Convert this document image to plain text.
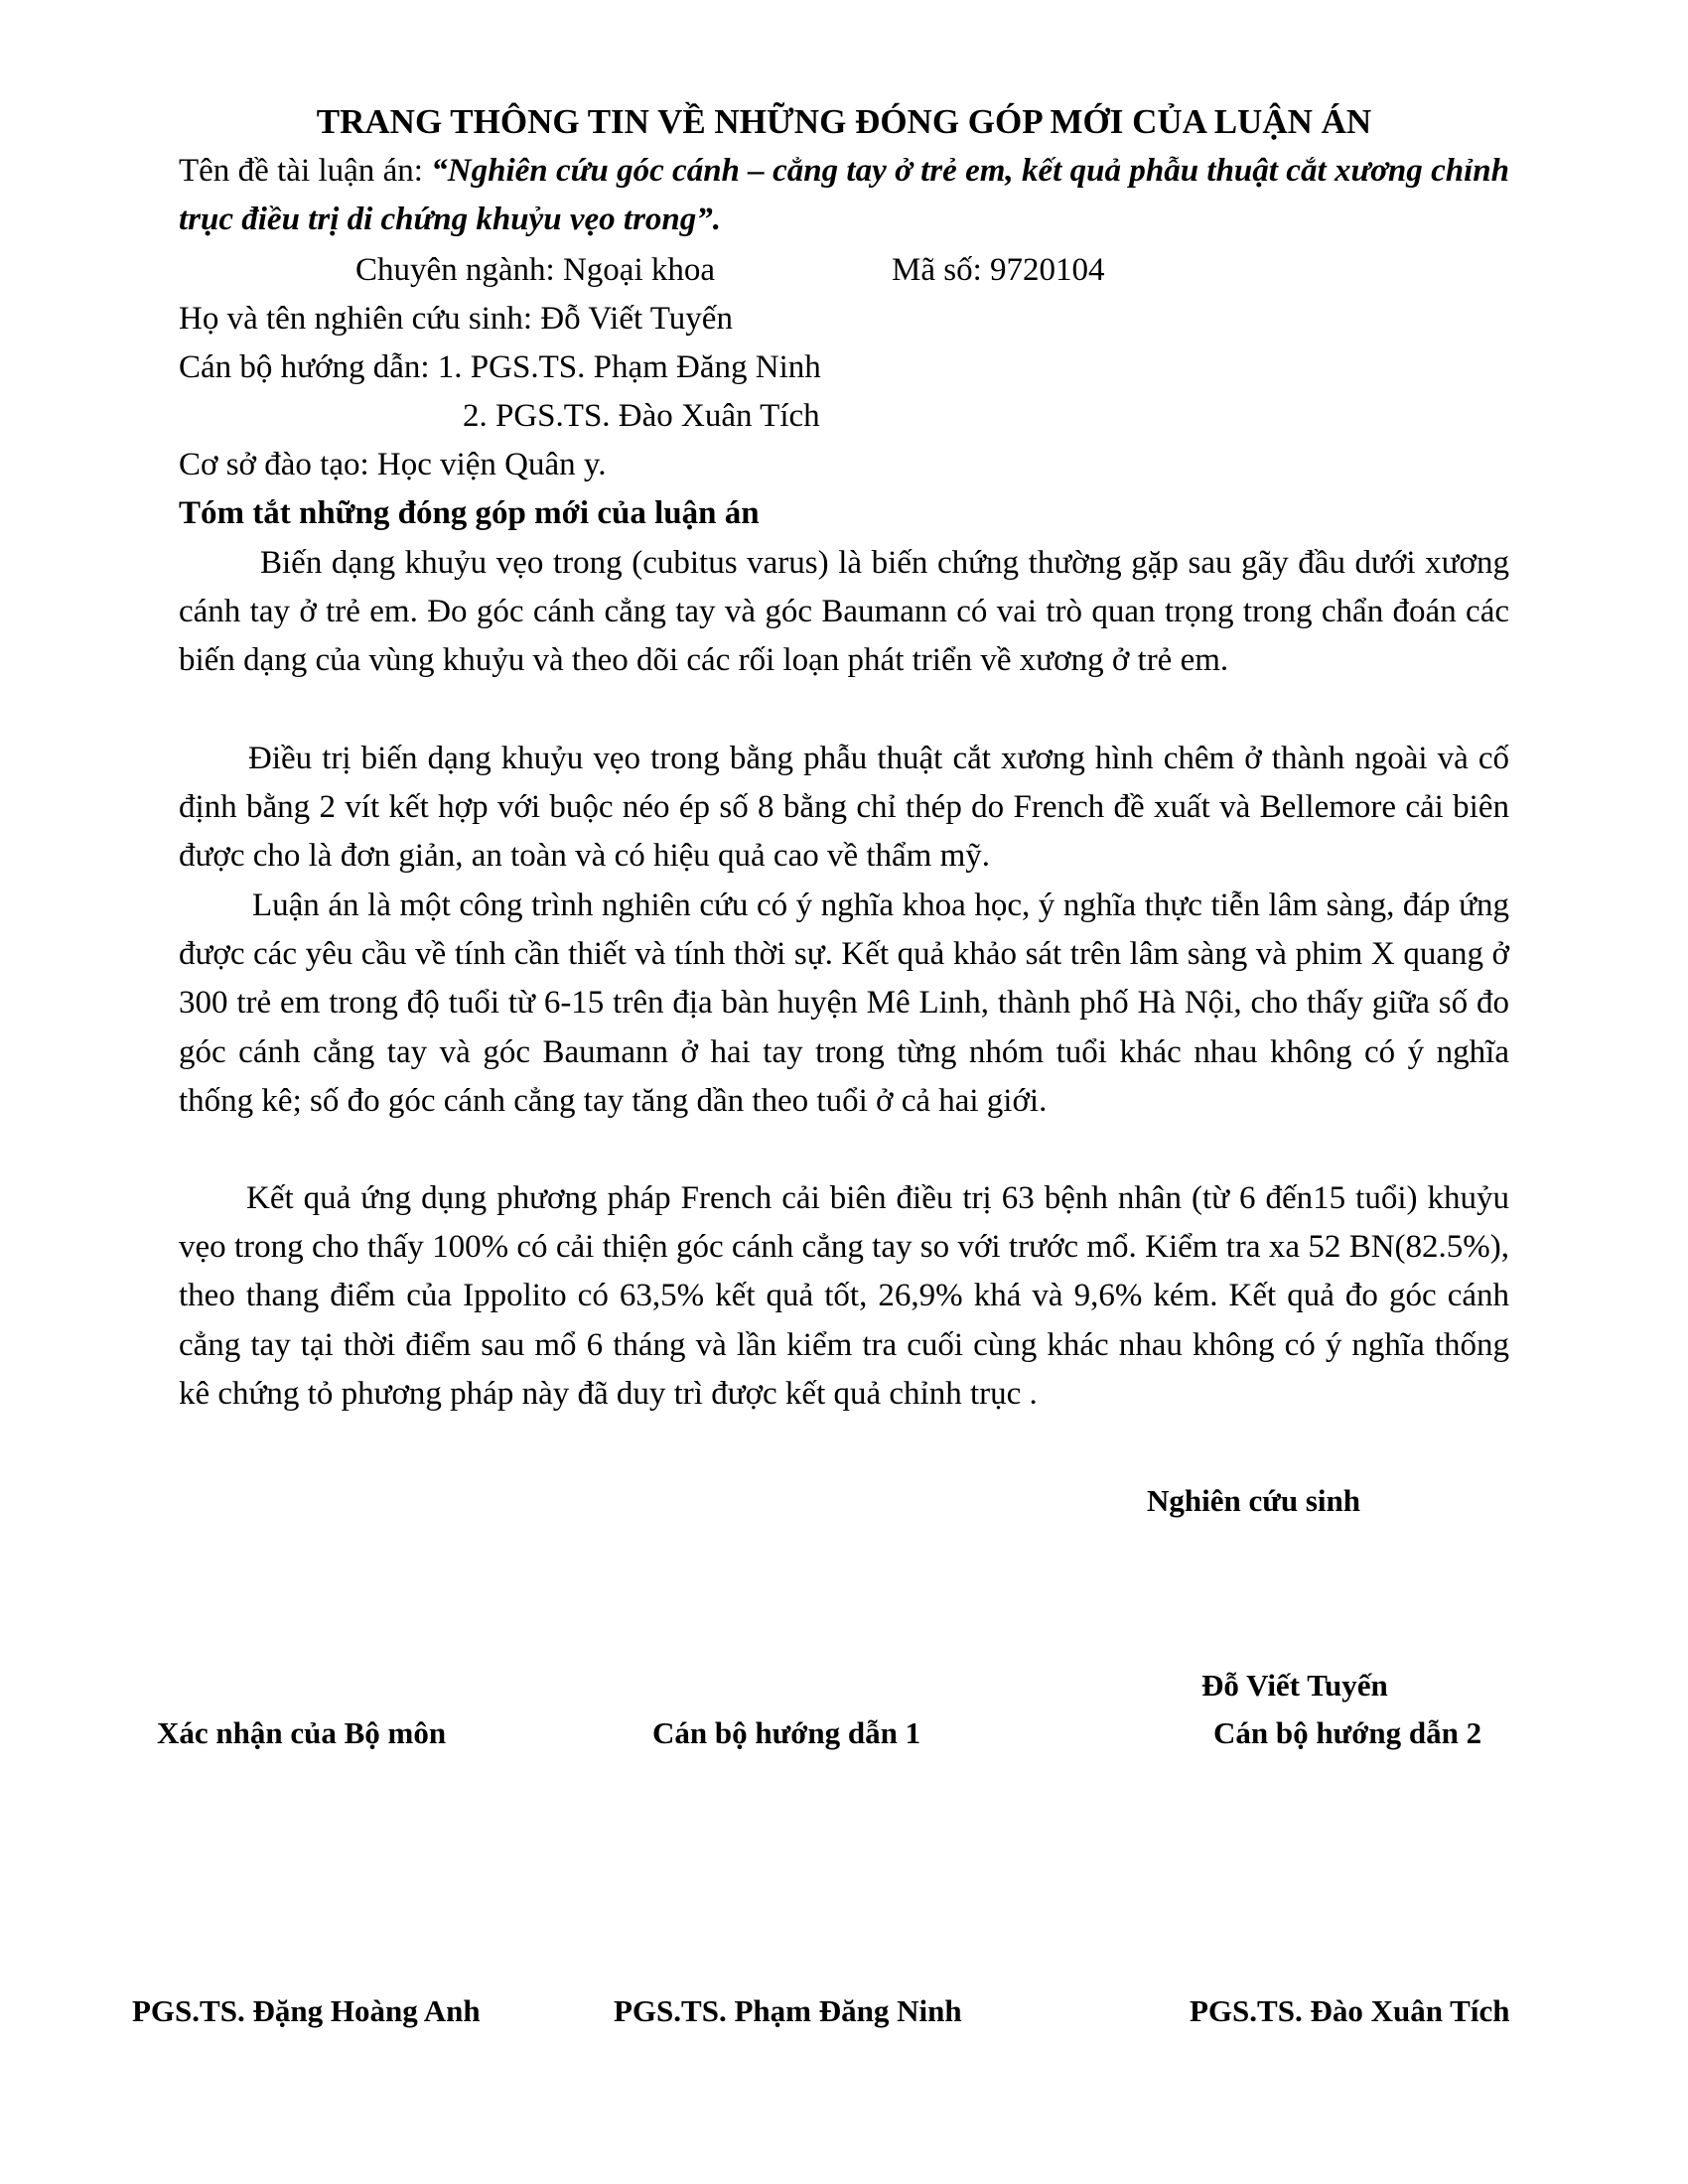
TRANG THÔNG TIN VỀ NHỮNG ĐÓNG GÓP MỚI CỦA LUẬN ÁN
Tên đề tài luận án: “Nghiên cứu góc cánh – cẳng tay ở trẻ em, kết quả phẫu thuật cắt xương chỉnh trục điều trị di chứng khuỷu vẹo trong”.
Chuyên ngành: Ngoại khoa	Mã số: 9720104
Họ và tên nghiên cứu sinh: Đỗ Viết Tuyến
Cán bộ hướng dẫn: 1. PGS.TS. Phạm Đăng Ninh
2. PGS.TS. Đào Xuân Tích
Cơ sở đào tạo: Học viện Quân y.
Tóm tắt những đóng góp mới của luận án

Biến dạng khuỷu vẹo trong (cubitus varus) là biến chứng thường gặp sau gãy đầu dưới xương cánh tay ở trẻ em. Đo góc cánh cẳng tay và góc Baumann có vai trò quan trọng trong chẩn đoán các biến dạng của vùng khuỷu và theo dõi các rối loạn phát triển về xương ở trẻ em.

Điều trị biến dạng khuỷu vẹo trong bằng phẫu thuật cắt xương hình chêm ở thành ngoài và cố định bằng 2 vít kết hợp với buộc néo ép số 8 bằng chỉ thép do French đề xuất và Bellemore cải biên được cho là đơn giản, an toàn và có hiệu quả cao về thẩm mỹ.

Luận án là một công trình nghiên cứu có ý nghĩa khoa học, ý nghĩa thực tiễn lâm sàng, đáp ứng được các yêu cầu về tính cần thiết và tính thời sự. Kết quả khảo sát trên lâm sàng và phim X quang ở 300 trẻ em trong độ tuổi từ 6-15 trên địa bàn huyện Mê Linh, thành phố Hà Nội, cho thấy giữa số đo góc cánh cẳng tay và góc Baumann ở hai tay trong từng nhóm tuổi khác nhau không có ý nghĩa thống kê; số đo góc cánh cẳng tay tăng dần theo tuổi ở cả hai giới.

Kết quả ứng dụng phương pháp French cải biên điều trị 63 bệnh nhân (từ 6 đến15 tuổi) khuỷu vẹo trong cho thấy 100% có cải thiện góc cánh cẳng tay so với trước mổ. Kiểm tra xa 52 BN(82.5%), theo thang điểm của Ippolito có 63,5% kết quả tốt, 26,9% khá và 9,6% kém. Kết quả đo góc cánh cẳng tay tại thời điểm sau mổ 6 tháng và lần kiểm tra cuối cùng khác nhau không có ý nghĩa thống kê chứng tỏ phương pháp này đã duy trì được kết quả chỉnh trục .

Nghiên cứu sinh
Đỗ Viết Tuyến
Xác nhận của Bộ môn	Cán bộ hướng dẫn 1	Cán bộ hướng dẫn 2
PGS.TS. Đặng Hoàng Anh	PGS.TS. Phạm Đăng Ninh	PGS.TS. Đào Xuân Tích
